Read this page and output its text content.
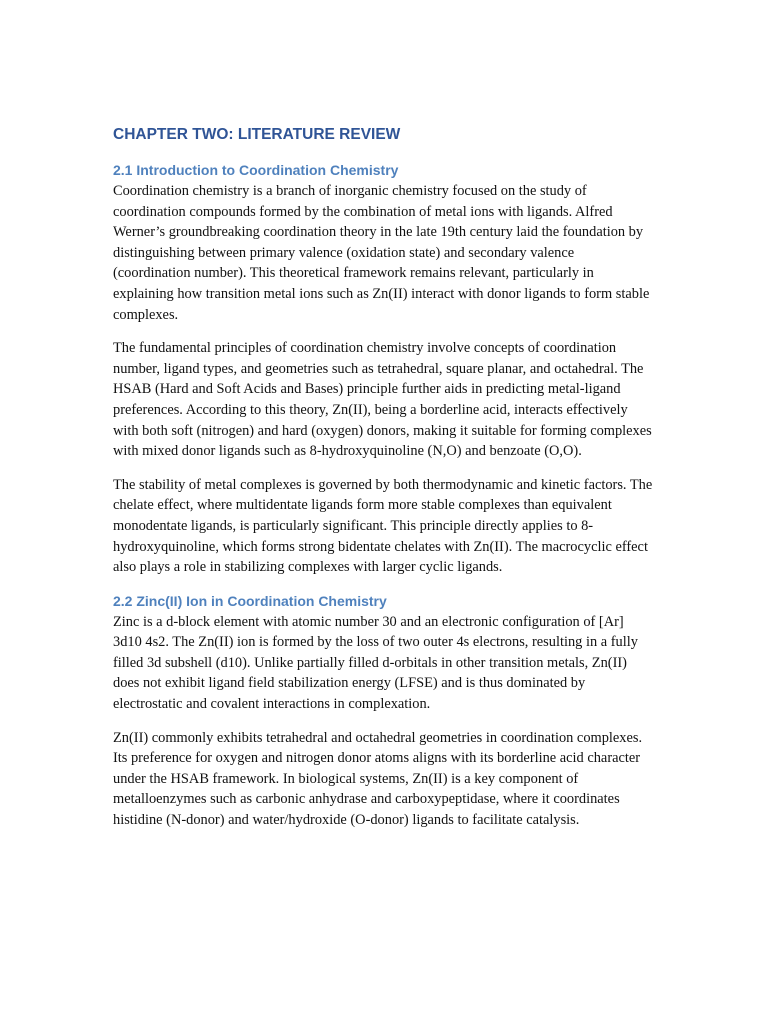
CHAPTER TWO: LITERATURE REVIEW
2.1 Introduction to Coordination Chemistry

Coordination chemistry is a branch of inorganic chemistry focused on the study of coordination compounds formed by the combination of metal ions with ligands. Alfred Werner’s groundbreaking coordination theory in the late 19th century laid the foundation by distinguishing between primary valence (oxidation state) and secondary valence (coordination number). This theoretical framework remains relevant, particularly in explaining how transition metal ions such as Zn(II) interact with donor ligands to form stable complexes.

The fundamental principles of coordination chemistry involve concepts of coordination number, ligand types, and geometries such as tetrahedral, square planar, and octahedral. The HSAB (Hard and Soft Acids and Bases) principle further aids in predicting metal-ligand preferences. According to this theory, Zn(II), being a borderline acid, interacts effectively with both soft (nitrogen) and hard (oxygen) donors, making it suitable for forming complexes with mixed donor ligands such as 8-hydroxyquinoline (N,O) and benzoate (O,O).

The stability of metal complexes is governed by both thermodynamic and kinetic factors. The chelate effect, where multidentate ligands form more stable complexes than equivalent monodentate ligands, is particularly significant. This principle directly applies to 8-hydroxyquinoline, which forms strong bidentate chelates with Zn(II). The macrocyclic effect also plays a role in stabilizing complexes with larger cyclic ligands.

2.2 Zinc(II) Ion in Coordination Chemistry

Zinc is a d-block element with atomic number 30 and an electronic configuration of [Ar] 3d10 4s2. The Zn(II) ion is formed by the loss of two outer 4s electrons, resulting in a fully filled 3d subshell (d10). Unlike partially filled d-orbitals in other transition metals, Zn(II) does not exhibit ligand field stabilization energy (LFSE) and is thus dominated by electrostatic and covalent interactions in complexation.

Zn(II) commonly exhibits tetrahedral and octahedral geometries in coordination complexes. Its preference for oxygen and nitrogen donor atoms aligns with its borderline acid character under the HSAB framework. In biological systems, Zn(II) is a key component of metalloenzymes such as carbonic anhydrase and carboxypeptidase, where it coordinates histidine (N-donor) and water/hydroxide (O-donor) ligands to facilitate catalysis.
